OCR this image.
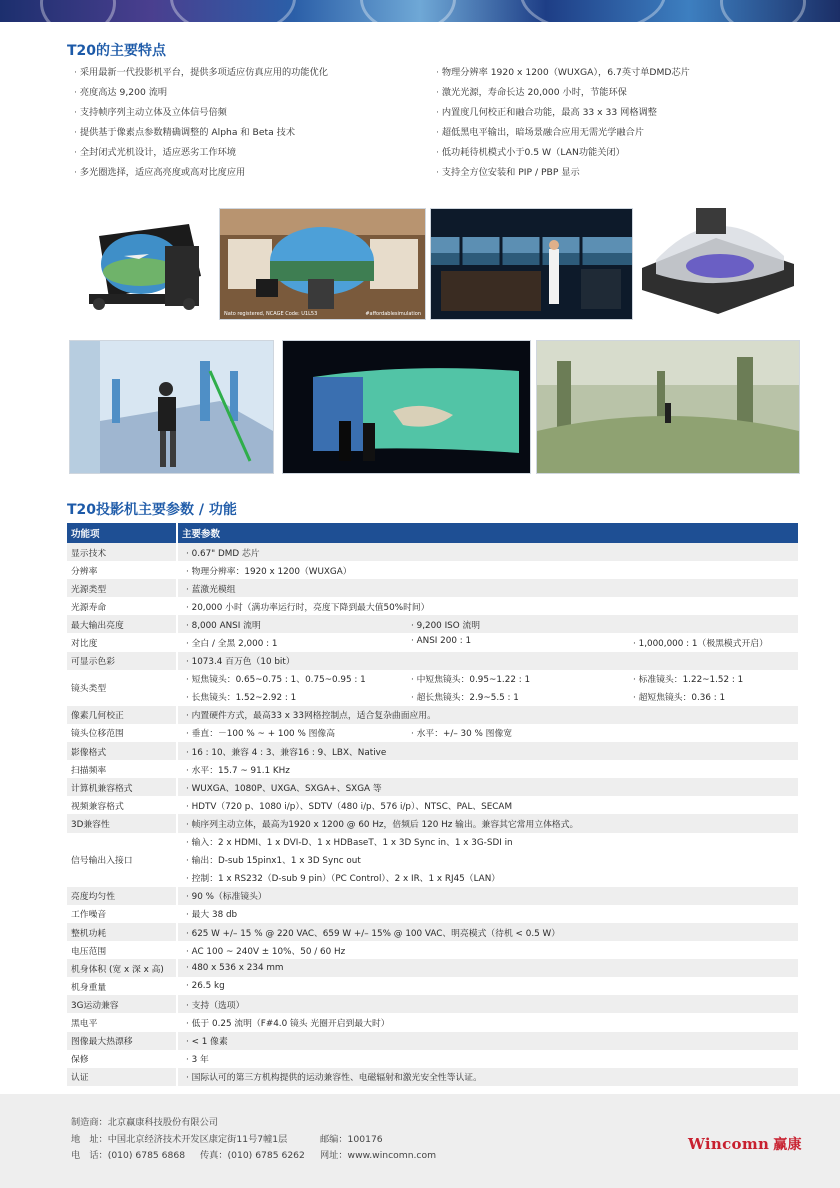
T20的主要特点
· 采用最新一代投影机平台，提供多项适应仿真应用的功能优化
· 亮度高达 9,200 流明
· 支持帧序列主动立体及立体信号倍频
· 提供基于像素点参数精确调整的 Alpha 和 Beta 技术
· 全封闭式光机设计，适应恶劣工作环境
· 多光圈选择，适应高亮度或高对比度应用
· 物理分辨率 1920 x 1200（WUXGA），6.7英寸单DMD芯片
· 激光光源，寿命长达 20,000 小时，节能环保
· 内置度几何校正和融合功能，最高 33 x 33 网格调整
· 超低黑电平输出，暗场景融合应用无需光学融合片
· 低功耗待机模式小于0.5 W（LAN功能关闭）
· 支持全方位安装和 PIP / PBP 显示
Nato registered, NCAGE Code: U1L53	#affordablesimulation
T20投影机主要参数 / 功能
功能项	主要参数
显示技术	· 0.67" DMD 芯片

分辨率	· 物理分辨率：1920 x 1200（WUXGA）

光源类型	· 蓝激光模组

光源寿命	· 20,000 小时（满功率运行时，亮度下降到最大值50%时间）

最大输出亮度	· 8,000 ANSI 流明 · 9,200 ISO 流明

对比度	· 全白 / 全黑 2,000 : 1 · ANSI 200 : 1 · 1,000,000 : 1（极黑模式开启）

可显示色彩	· 1073.4 百万色（10 bit）

镜头类型	· 短焦镜头：0.65~0.75 : 1、0.75~0.95 : 1 · 中短焦镜头：0.95~1.22 : 1 · 标准镜头：1.22~1.52 : 1

	· 长焦镜头：1.52~2.92 : 1 · 超长焦镜头：2.9~5.5 : 1 · 超短焦镜头：0.36 : 1

像素几何校正	· 内置硬件方式，最高33 x 33网格控制点，适合复杂曲面应用。

镜头位移范围	· 垂直：－100 % ~ + 100 % 图像高 · 水平：+/– 30 % 图像宽

影像格式	· 16 : 10、兼容 4 : 3、兼容16 : 9、LBX、Native

扫描频率	· 水平：15.7 ~ 91.1 KHz

计算机兼容格式	· WUXGA、1080P、UXGA、SXGA+、SXGA 等

视频兼容格式	· HDTV（720 p、1080 i/p）、SDTV（480 i/p、576 i/p）、NTSC、PAL、SECAM

3D兼容性	· 帧序列主动立体，最高为1920 x 1200 @ 60 Hz，倍频后 120 Hz 输出。兼容其它常用立体格式。

信号输出入接口	· 输入：2 x HDMI、1 x DVI-D、1 x HDBaseT、1 x 3D Sync in、1 x 3G-SDI in

	· 输出：D-sub 15pinx1、1 x 3D Sync out

	· 控制：1 x RS232（D-sub 9 pin）（PC Control）、2 x IR、1 x RJ45（LAN）

亮度均匀性	· 90 %（标准镜头）

工作噪音	· 最大 38 db

整机功耗	· 625 W +/– 15 % @ 220 VAC、659 W +/– 15% @ 100 VAC、明亮模式（待机 < 0.5 W）

电压范围	· AC 100 ~ 240V ± 10%、50 / 60 Hz

机身体积 (宽 x 深 x 高)	· 480 x 536 x 234 mm

机身重量	· 26.5 kg

3G运动兼容	· 支持（选项）

黑电平	· 低于 0.25 流明（F#4.0 镜头 光圈开启到最大时）

图像最大热漂移	· < 1 像素

保修	· 3 年

认证	· 国际认可的第三方机构提供的运动兼容性、电磁辐射和激光安全性等认证。
制造商：北京赢康科技股份有限公司
地　址：中国北京经济技术开发区康定街11号7幢1层	邮编：100176
电　话：(010) 6785 6868 传真：(010) 6785 6262 网址：www.wincomn.com
Wincomn 赢康
